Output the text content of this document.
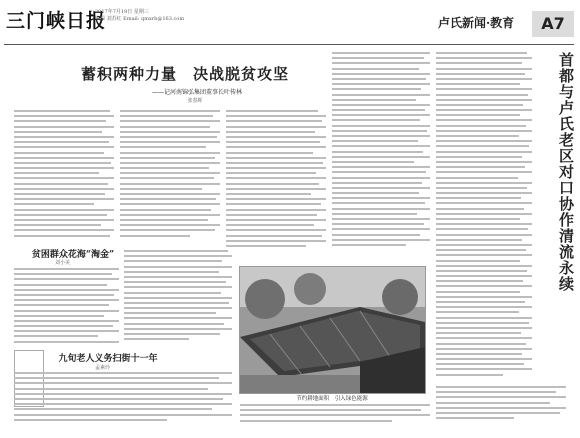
三门峡日报
2017年7月19日 星期三
编辑 刘苏红 Email: qmxrb@163.com	卢氏新闻·教育	A7
蓄积两种力量　决战脱贫攻坚
——记河南锦弘集团董事长叶传林
张春晖	首都与卢氏老区对口协作清流永续
贫困群众花海“淘金”
刘小美
九旬老人义务扫街十一年
孟素玲
节约耕地面积　引入绿色能源
